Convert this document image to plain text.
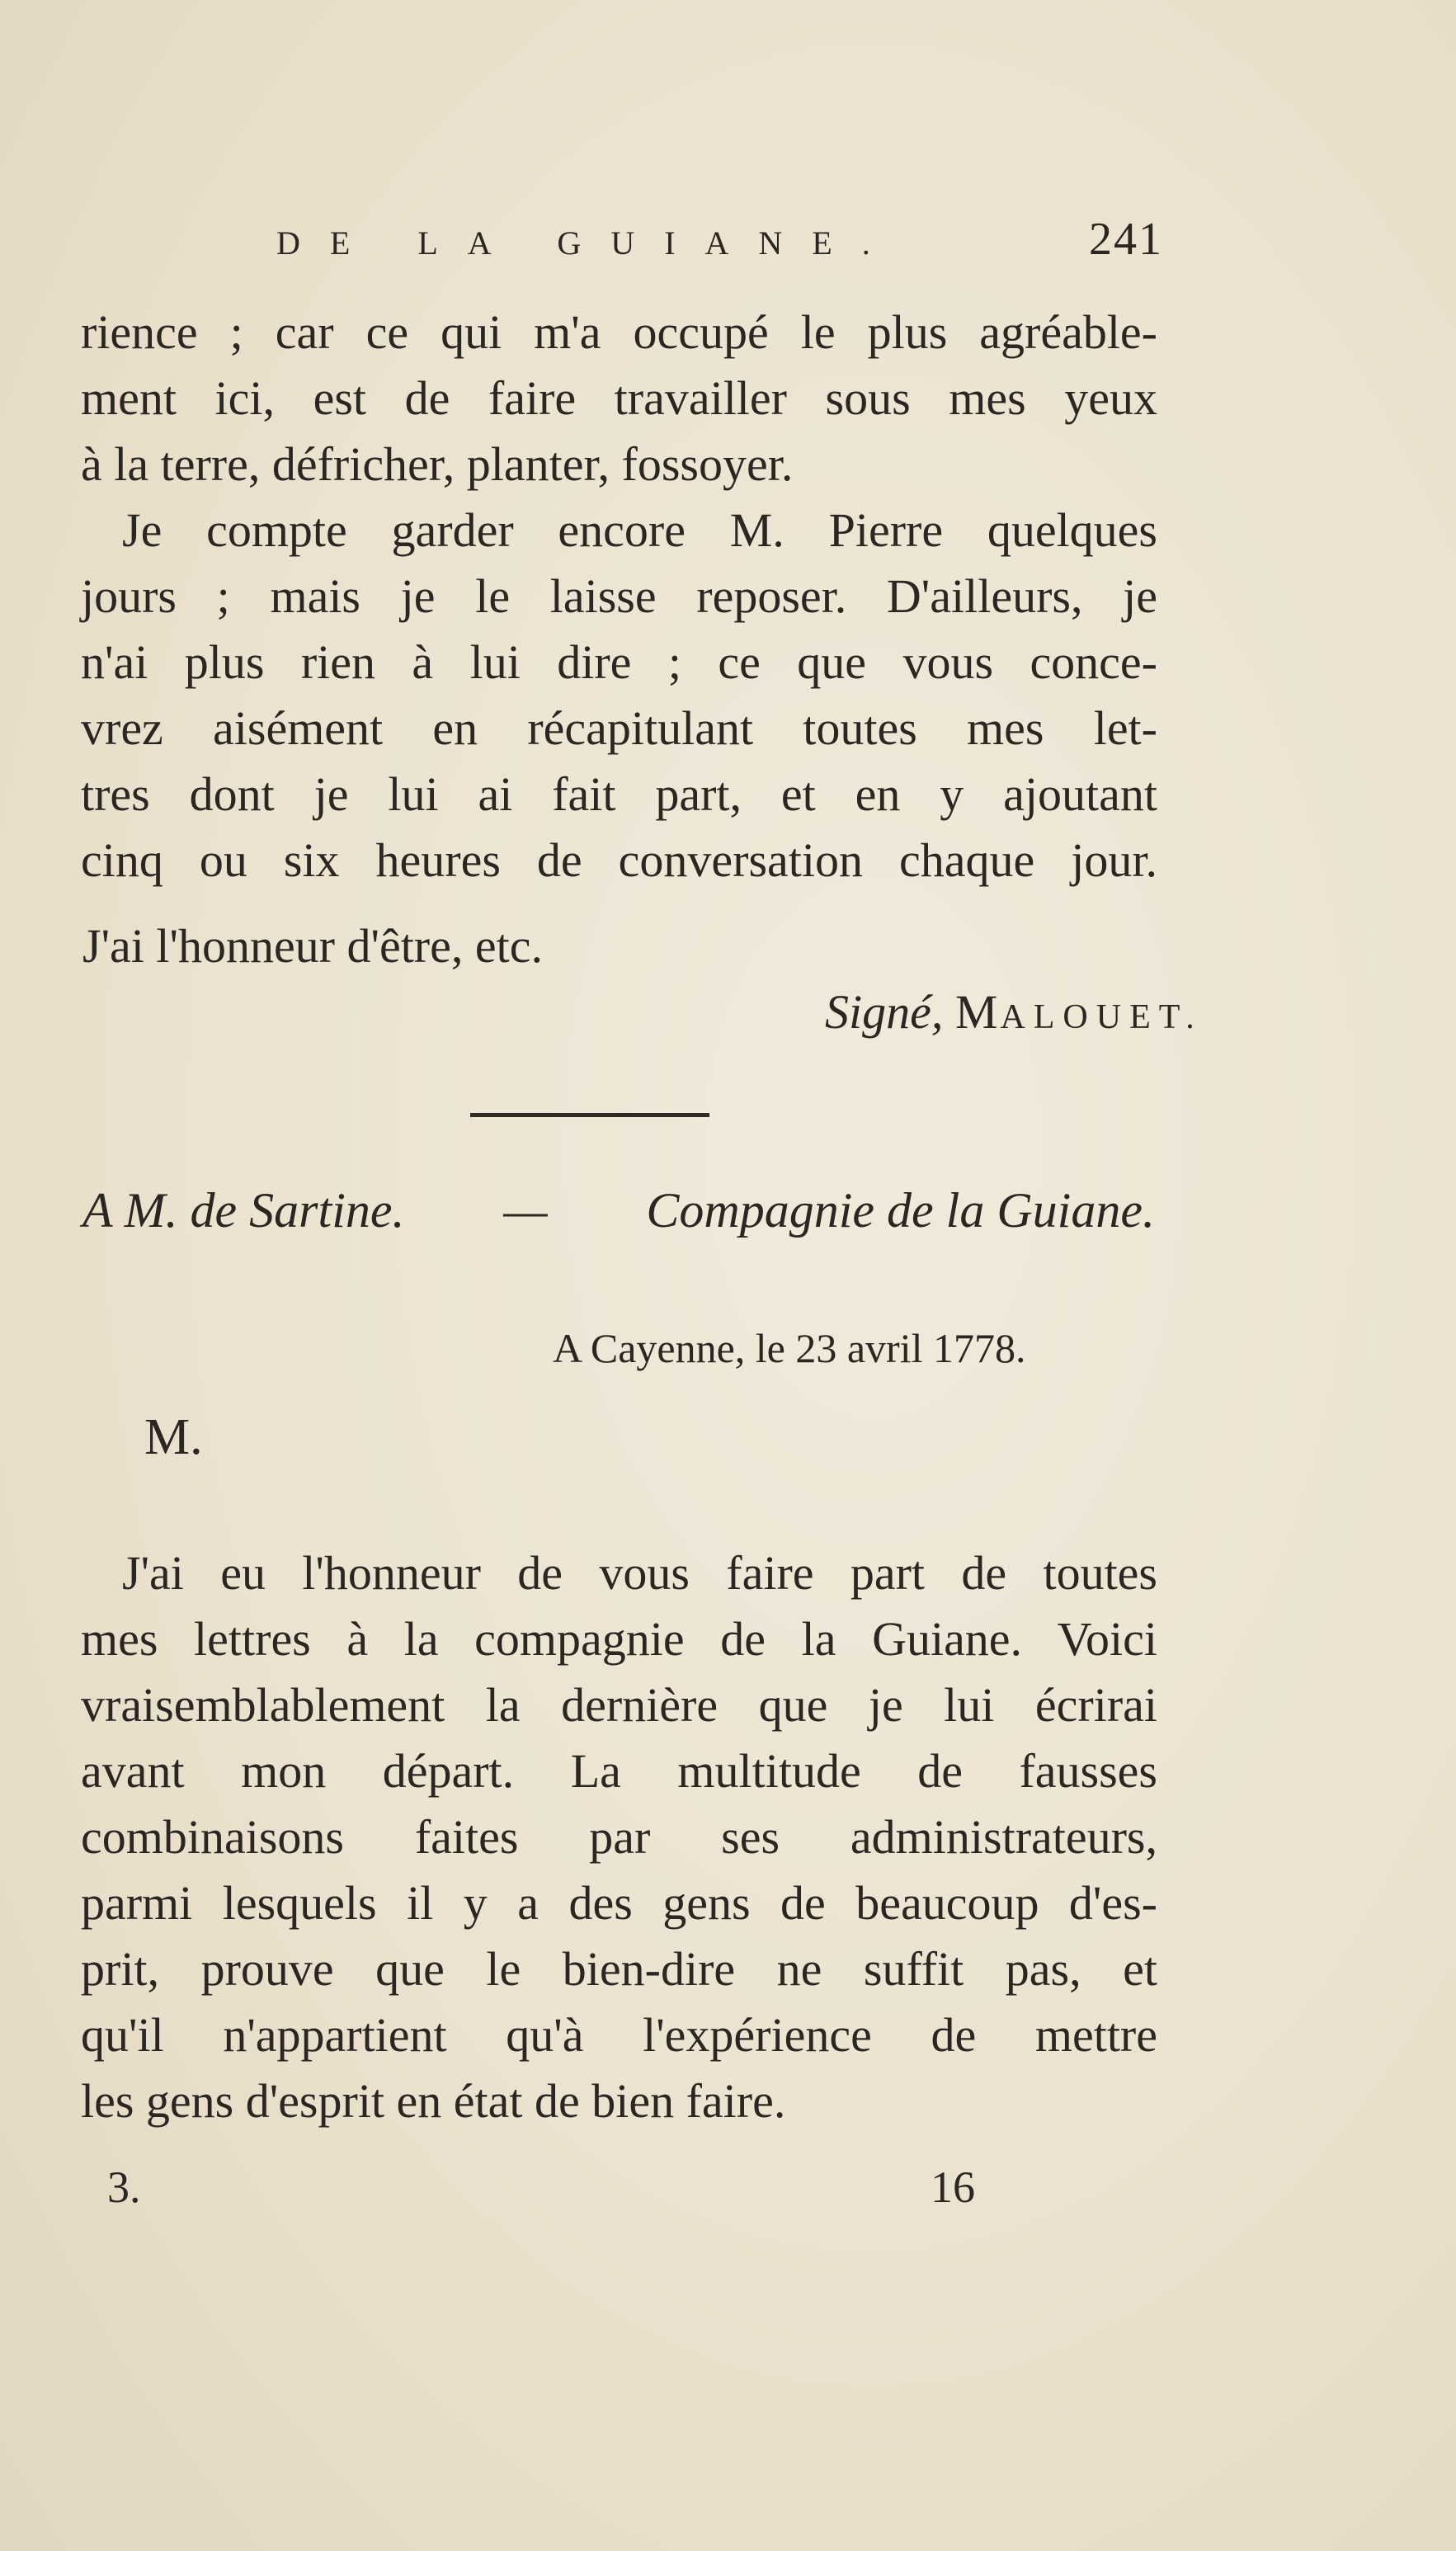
DE LA GUIANE.	241
rience ; car ce qui m'a occupé le plus agréable-
ment ici, est de faire travailler sous mes yeux
à la terre, défricher, planter, fossoyer.
Je compte garder encore M. Pierre quelques
jours ; mais je le laisse reposer. D'ailleurs, je
n'ai plus rien à lui dire ; ce que vous conce-
vrez aisément en récapitulant toutes mes let-
tres dont je lui ai fait part, et en y ajoutant
cinq ou six heures de conversation chaque jour.
J'ai l'honneur d'être, etc.
Signé, MALOUET.
A M. de Sartine. — Compagnie de la Guiane.
A Cayenne, le 23 avril 1778.
M.
J'ai eu l'honneur de vous faire part de toutes
mes lettres à la compagnie de la Guiane. Voici
vraisemblablement la dernière que je lui écrirai
avant mon départ. La multitude de fausses
combinaisons faites par ses administrateurs,
parmi lesquels il y a des gens de beaucoup d'es-
prit, prouve que le bien-dire ne suffit pas, et
qu'il n'appartient qu'à l'expérience de mettre
les gens d'esprit en état de bien faire.
3.	16
